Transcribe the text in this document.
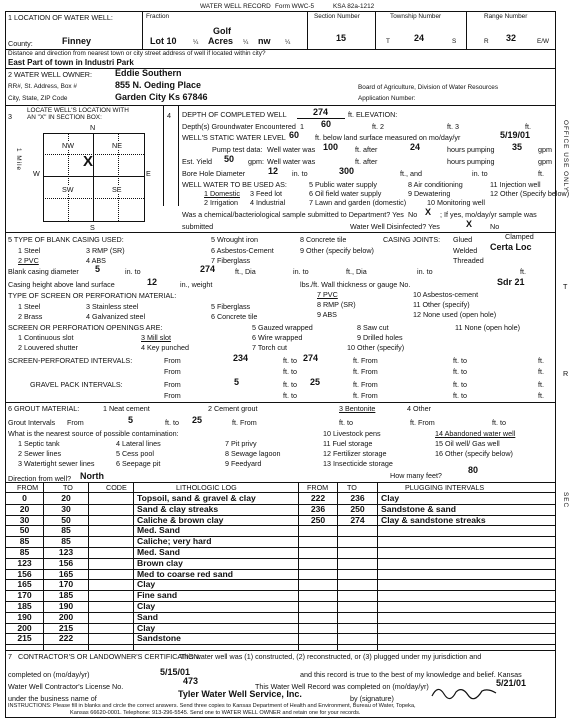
WATER WELL RECORD Form WWC-5	KSA 82a-1212
1 LOCATION OF WATER WELL:	Fraction	Section Number	Township Number	Range Number
Golf
County:	Finney	Lot 10	¼ Acres ¼ nw ¼	15	T	24	S	R 32	E/W
Distance and direction from nearest town or city street address of well if located within city?
East Part of town in Industri Park
2 WATER WELL OWNER:	Eddie Southern
RR#, St. Address, Box #	855 N. Oeding Place	Board of Agriculture, Division of Water Resources
City, State, ZIP Code	Garden City Ks 67846	Application Number:
3
LOCATE WELL'S LOCATION WITH
AN "X" IN SECTION BOX:
N
S
W	E
1 Mile
NW	NE
SW	SE
X
4 DEPTH OF COMPLETED WELL	274	ft. ELEVATION:
Depth(s) Groundwater Encountered 1 60	ft. 2	ft. 3	ft.
WELL'S STATIC WATER LEVEL 60 ft. below land surface measured on mo/day/yr	5/19/01
Pump test data: Well water was 100 ft. after	24	hours pumping 35 gpm
Est. Yield 50 gpm: Well water was	ft. after	hours pumping	gpm
Bore Hole Diameter	12 in. to	300	ft., and	in. to	ft.
WELL WATER TO BE USED AS:	5 Public water supply	8 Air conditioning	11 Injection well
1 Domestic 3 Feed lot	6 Oil field water supply	9 Dewatering	12 Other (Specify below)
2 Irrigation 4 Industrial	7 Lawn and garden (domestic)	10 Monitoring well
Was a chemical/bacteriological sample submitted to Department? Yes No X ; If yes, mo/day/yr sample was
submitted	Water Well Disinfected? Yes	X No
5 TYPE OF BLANK CASING USED:	5 Wrought iron	8 Concrete tile	CASING JOINTS: Glued	Clamped
1 Steel	3 RMP (SR)	6 Asbestos-Cement	9 Other (specify below)	Welded Certa Loc
2 PVC	4 ABS	7 Fiberglass	Threaded
Blank casing diameter 5	in. to	274	ft., Dia	in. to	ft., Dia	in. to	ft.
Casing height above land surface	12	in., weight	lbs./ft. Wall thickness or gauge No.	Sdr 21
TYPE OF SCREEN OR PERFORATION MATERIAL:	7 PVC	10 Asbestos-cement
1 Steel	3 Stainless steel	5 Fiberglass	8 RMP (SR)	11 Other (specify)
2 Brass	4 Galvanized steel	6 Concrete tile	9 ABS	12 None used (open hole)
SCREEN OR PERFORATION OPENINGS ARE:	5 Gauzed wrapped	8 Saw cut	11 None (open hole)
1 Continuous slot	3 Mill slot	6 Wire wrapped	9 Drilled holes
2 Louvered shutter	4 Key punched	7 Torch cut	10 Other (specify)
SCREEN-PERFORATED INTERVALS:	From	234	ft. to 274	ft. From	ft. to	ft.
From	ft. to	ft. From	ft. to	ft.
GRAVEL PACK INTERVALS:	From	5	ft. to 25	ft. From	ft. to	ft.
From	ft. to	ft. From	ft. to	ft.
6 GROUT MATERIAL:	1 Neat cement	2 Cement grout	3 Bentonite	4 Other
Grout Intervals From	5	ft. to 25	ft. From	ft. to	ft. From	ft. to
What is the nearest source of possible contamination:	10 Livestock pens	14 Abandoned water well
1 Septic tank	4 Lateral lines	7 Pit privy	11 Fuel storage	15 Oil well/ Gas well
2 Sewer lines	5 Cess pool	8 Sewage lagoon	12 Fertilizer storage	16 Other (specify below)
3 Watertight sewer lines	6 Seepage pit	9 Feedyard	13 Insecticide storage
Direction from well? North	How many feet?
80
FROM	TO	CODE	LITHOLOGIC LOG	FROM	TO	PLUGGING INTERVALS
0	20	Topsoil, sand & gravel & clay
20	30	Sand & clay streaks
30	50	Caliche & brown clay
50	85	Med. Sand
85	85	Caliche; very hard
85	123	Med. Sand
123	156	Brown clay
156	165	Med to coarse red sand
165	170	Clay
170	185	Fine sand
185	190	Clay
190	200	Sand
200	215	Clay
215	222	Sandstone
222	236	Clay
236	250	Sandstone & sand
250	274	Clay & sandstone streaks
7 CONTRACTOR'S OR LANDOWNER'S CERTIFICATION:
This water well was (1) constructed, (2) reconstructed, or (3) plugged under my jurisdiction and
completed on (mo/day/yr)	5/15/01	and this record is true to the best of my knowledge and belief. Kansas
Water Well Contractor's License No.
473
This Water Well Record was completed on (mo/day/yr)	5/21/01
under the business name of	Tyler Water Well Service, Inc.	by (signature)
INSTRUCTIONS: Please fill in blanks and circle the correct answers. Send three copies to Kansas Department of Health and Environment, Bureau of Water, Topeka,
Kansas 66620-0001. Telephone: 913-296-5545. Send one to WATER WELL OWNER and retain one for your records.
OFFICE USE ONLY
T
R
SEC
